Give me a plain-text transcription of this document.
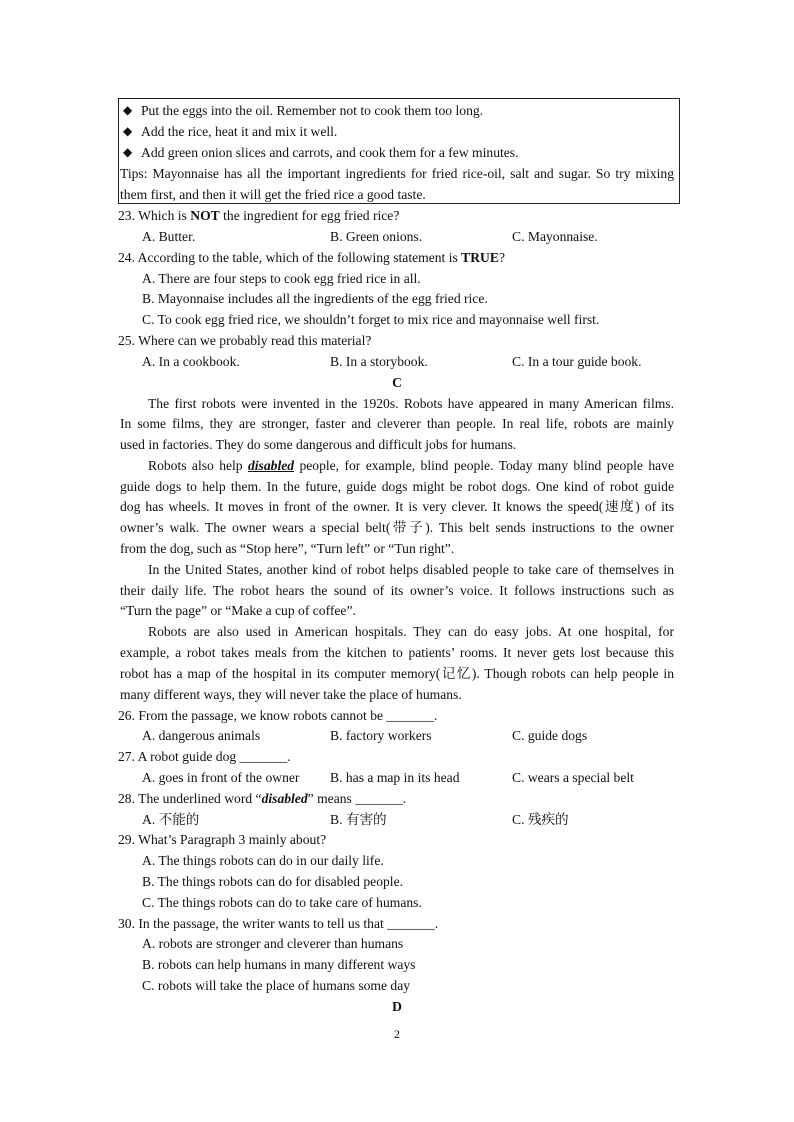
◆ Put the eggs into the oil. Remember not to cook them too long.
◆ Add the rice, heat it and mix it well.
◆ Add green onion slices and carrots, and cook them for a few minutes.
Tips: Mayonnaise has all the important ingredients for fried rice-oil, salt and sugar. So try mixing
them first, and then it will get the fried rice a good taste.
23. Which is NOT the ingredient for egg fried rice?
A. Butter.	B. Green onions.	C. Mayonnaise.
24. According to the table, which of the following statement is TRUE?
A. There are four steps to cook egg fried rice in all.
B. Mayonnaise includes all the ingredients of the egg fried rice.
C. To cook egg fried rice, we shouldn’t forget to mix rice and mayonnaise well first.
25. Where can we probably read this material?
A. In a cookbook.	B. In a storybook.	C. In a tour guide book.
C
The first robots were invented in the 1920s. Robots have appeared in many American films.
In some films, they are stronger, faster and cleverer than people. In real life, robots are mainly
used in factories. They do some dangerous and difficult jobs for humans.
Robots also help disabled people, for example, blind people. Today many blind people have
guide dogs to help them. In the future, guide dogs might be robot dogs. One kind of robot guide
dog has wheels. It moves in front of the owner. It is very clever. It knows the speed(速度) of its
owner’s walk. The owner wears a special belt(带子). This belt sends instructions to the owner
from the dog, such as “Stop here”, “Turn left” or “Tun right”.
In the United States, another kind of robot helps disabled people to take care of themselves in
their daily life. The robot hears the sound of its owner’s voice. It follows instructions such as
“Turn the page” or “Make a cup of coffee”.
Robots are also used in American hospitals. They can do easy jobs. At one hospital, for
example, a robot takes meals from the kitchen to patients’ rooms. It never gets lost because this
robot has a map of the hospital in its computer memory(记忆). Though robots can help people in
many different ways, they will never take the place of humans.
26. From the passage, we know robots cannot be _______.
A. dangerous animals	B. factory workers	C. guide dogs
27. A robot guide dog _______.
A. goes in front of the owner B. has a map in its head	C. wears a special belt
28. The underlined word “disabled” means _______.
A. 不能的	B. 有害的	C. 残疾的
29. What’s Paragraph 3 mainly about?
A. The things robots can do in our daily life.
B. The things robots can do for disabled people.
C. The things robots can do to take care of humans.
30. In the passage, the writer wants to tell us that _______.
A. robots are stronger and cleverer than humans
B. robots can help humans in many different ways
C. robots will take the place of humans some day
D
2
